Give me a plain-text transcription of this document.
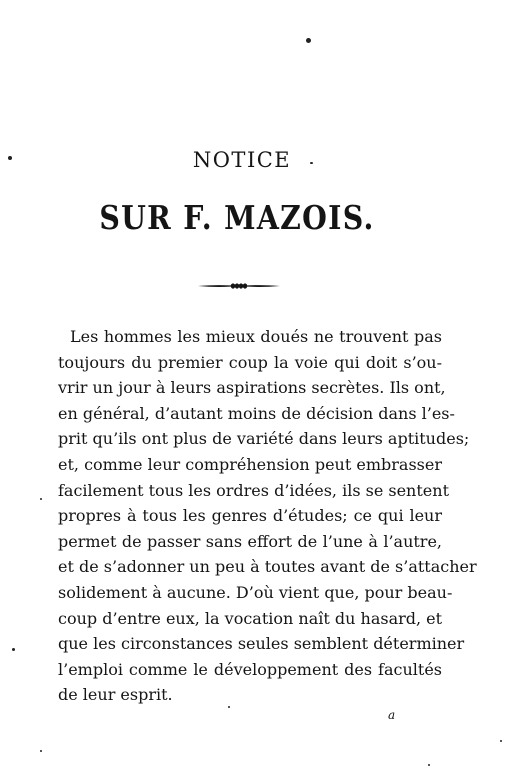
NOTICE
SUR F. MAZOIS.
Les hommes les mieux doués ne trouvent pas
toujours du premier coup la voie qui doit s’ou-
vrir un jour à leurs aspirations secrètes. Ils ont,
en général, d’autant moins de décision dans l’es-
prit qu’ils ont plus de variété dans leurs aptitudes;
et, comme leur compréhension peut embrasser
facilement tous les ordres d’idées, ils se sentent
propres à tous les genres d’études; ce qui leur
permet de passer sans effort de l’une à l’autre,
et de s’adonner un peu à toutes avant de s’attacher
solidement à aucune. D’où vient que, pour beau-
coup d’entre eux, la vocation naît du hasard, et
que les circonstances seules semblent déterminer
l’emploi comme le développement des facultés
de leur esprit.
a
